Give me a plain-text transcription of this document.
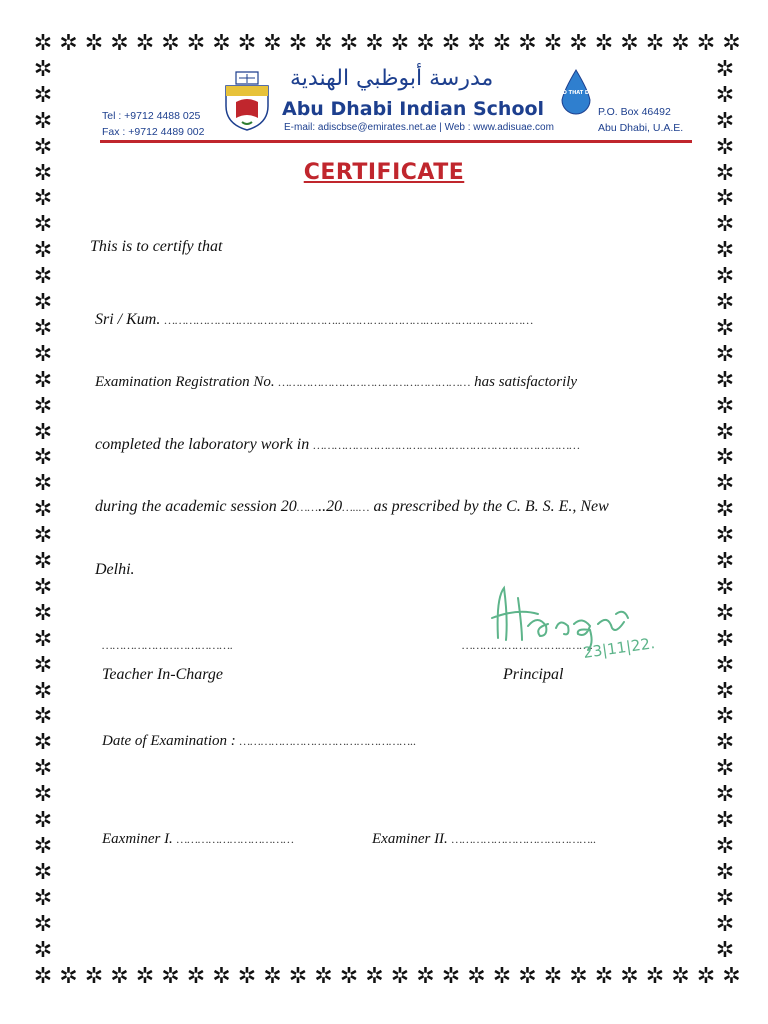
✲
✲
✲
✲
✲
✲
✲
✲
✲
✲
✲
✲
✲
✲
✲
✲
✲
✲
✲
✲
✲
✲
✲
✲
✲
✲
✲
✲
✲
✲
✲
✲
✲
✲
✲
✲
✲
✲
✲
✲
✲
✲
✲
✲
✲
✲
✲
✲
✲
✲
✲
✲
✲
✲
✲
✲
✲	✲
✲	✲
✲	✲
✲	✲
✲	✲
✲	✲
✲	✲
✲	✲
✲	✲
✲	✲
✲	✲
✲	✲
✲	✲
✲	✲
✲	✲
✲	✲
✲	✲
✲	✲
✲	✲
✲	✲
✲	✲
✲	✲
✲	✲
✲	✲
✲	✲
✲	✲
✲	✲
✲	✲
✲	✲
✲	✲
✲	✲
✲	✲
✲	✲
✲	✲
✲	✲
Tel : +9712 4488 025
Fax : +9712 4489 002
مدرسة أبوظبي الهندية
Abu Dhabi Indian School
E-mail: adiscbse@emirates.net.ae | Web : www.adisuae.com
HOLD THAT DROP
P.O. Box 46492
Abu Dhabi, U.A.E.
CERTIFICATE
This is to certify that
Sri / Kum. ………………………………………….…………………….…………………………
Examination Registration No. ……………………………………………… has satisfactorily
completed the laboratory work in …………………………………………………………………
during the academic session 20……..20…..… as prescribed by the C. B. S. E., New
Delhi.
……………………………….	……………………………….
Teacher In-Charge	Principal
23|11|22.
Date of Examination : …………………………………………..
Eaxminer I. ……………………………	Examiner II. …………………………………..
